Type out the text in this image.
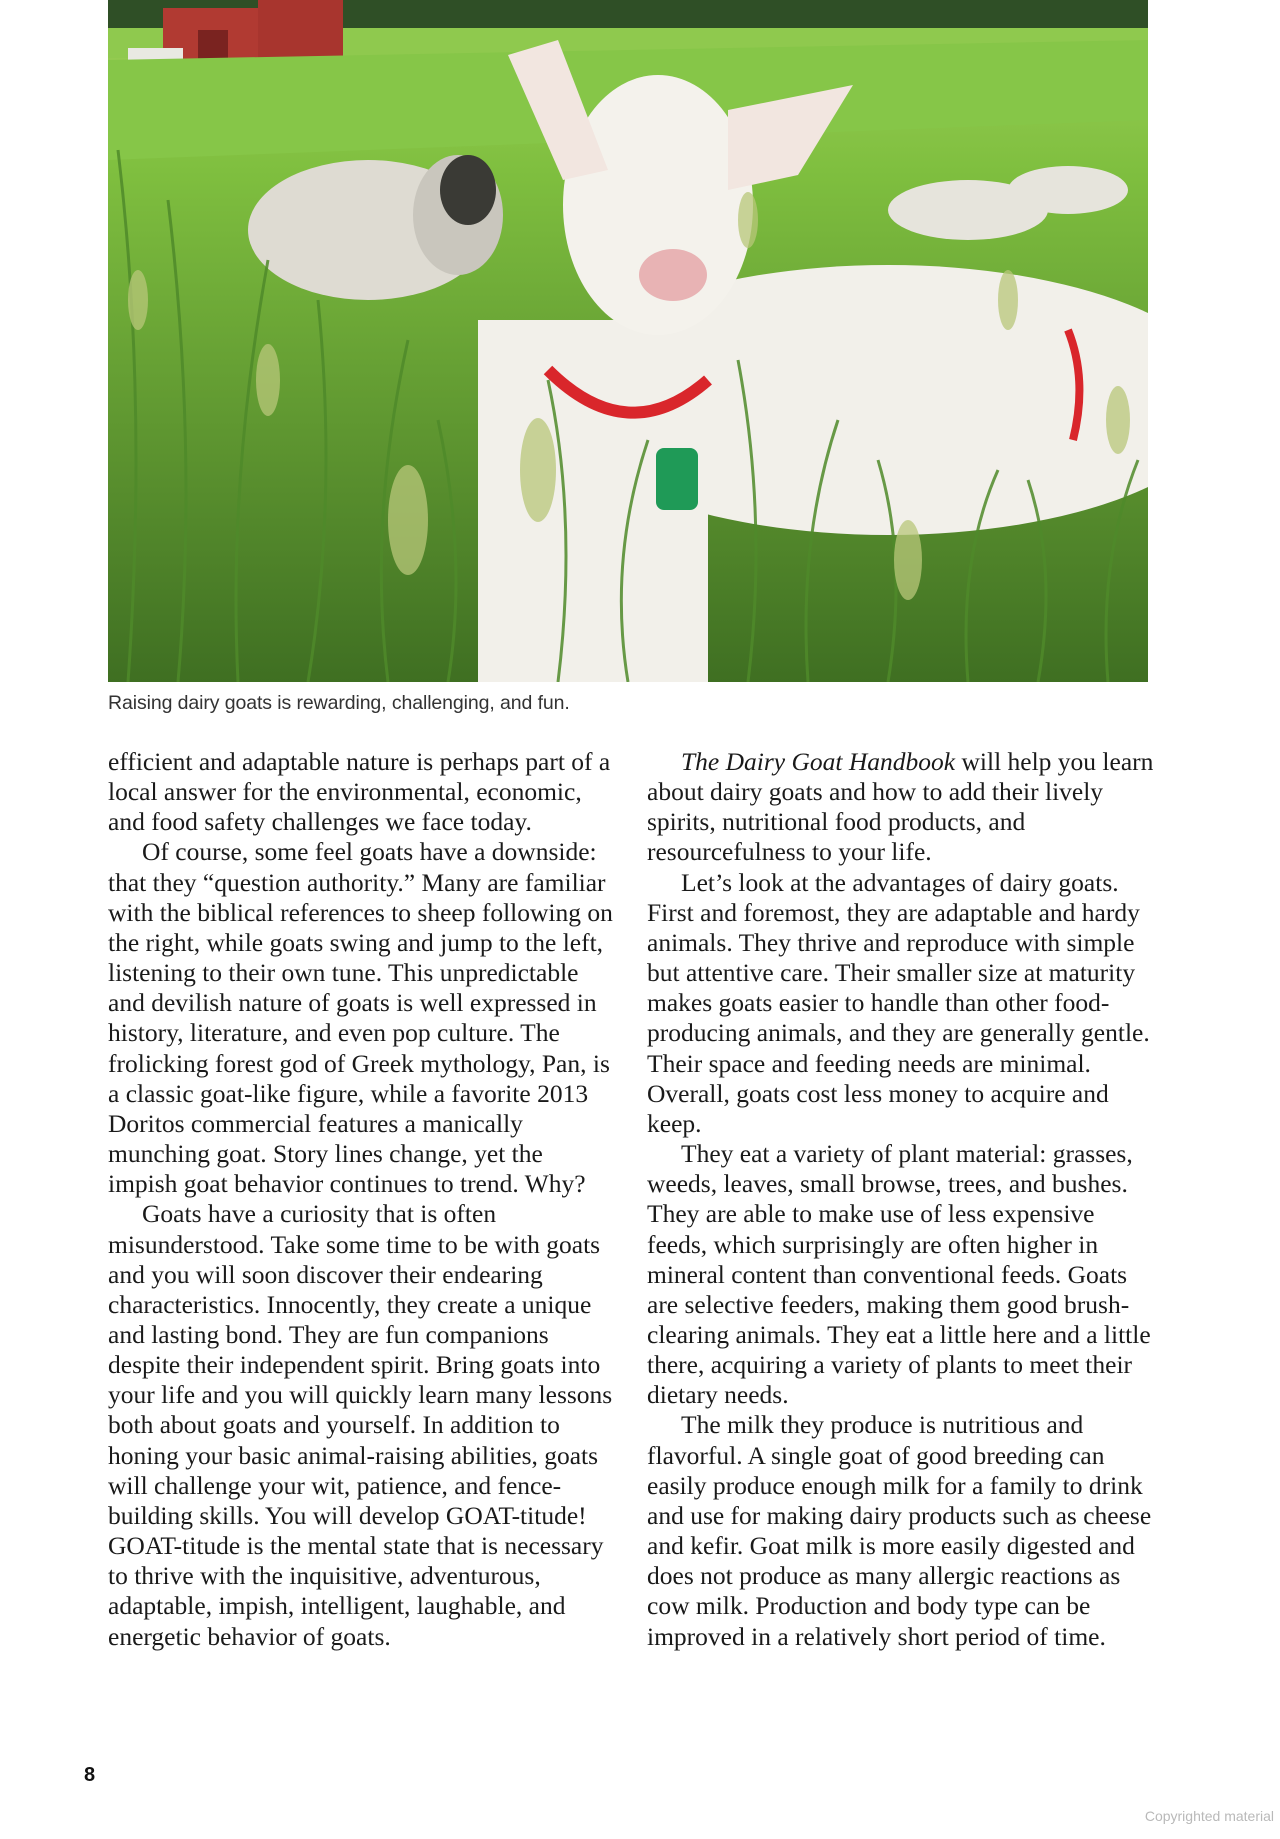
Raising dairy goats is rewarding, challenging, and fun.

efficient and adaptable nature is perhaps part of a local answer for the environmental, economic, and food safety challenges we face today.

Of course, some feel goats have a downside: that they “question authority.” Many are familiar with the biblical references to sheep following on the right, while goats swing and jump to the left, listening to their own tune. This unpredictable and devilish nature of goats is well expressed in history, literature, and even pop culture. The frolicking forest god of Greek mythology, Pan, is a classic goat-like figure, while a favorite 2013 Doritos commercial features a manically munching goat. Story lines change, yet the impish goat behavior continues to trend. Why?

Goats have a curiosity that is often misunderstood. Take some time to be with goats and you will soon discover their endearing characteristics. Innocently, they create a unique and lasting bond. They are fun companions despite their independent spirit. Bring goats into your life and you will quickly learn many lessons both about goats and yourself. In addition to honing your basic animal-raising abilities, goats will challenge your wit, patience, and fence-building skills. You will develop GOAT-titude! GOAT-titude is the mental state that is necessary to thrive with the inquisitive, adventurous, adaptable, impish, intelligent, laughable, and energetic behavior of goats.

The Dairy Goat Handbook will help you learn about dairy goats and how to add their lively spirits, nutritional food products, and resourcefulness to your life.

Let’s look at the advantages of dairy goats. First and foremost, they are adaptable and hardy animals. They thrive and reproduce with simple but attentive care. Their smaller size at maturity makes goats easier to handle than other food-producing animals, and they are generally gentle. Their space and feeding needs are minimal. Overall, goats cost less money to acquire and keep.

They eat a variety of plant material: grasses, weeds, leaves, small browse, trees, and bushes. They are able to make use of less expensive feeds, which surprisingly are often higher in mineral content than conventional feeds. Goats are selective feeders, making them good brush-clearing animals. They eat a little here and a little there, acquiring a variety of plants to meet their dietary needs.

The milk they produce is nutritious and flavorful. A single goat of good breeding can easily produce enough milk for a family to drink and use for making dairy products such as cheese and kefir. Goat milk is more easily digested and does not produce as many allergic reactions as cow milk. Production and body type can be improved in a relatively short period of time.

8
Copyrighted material
